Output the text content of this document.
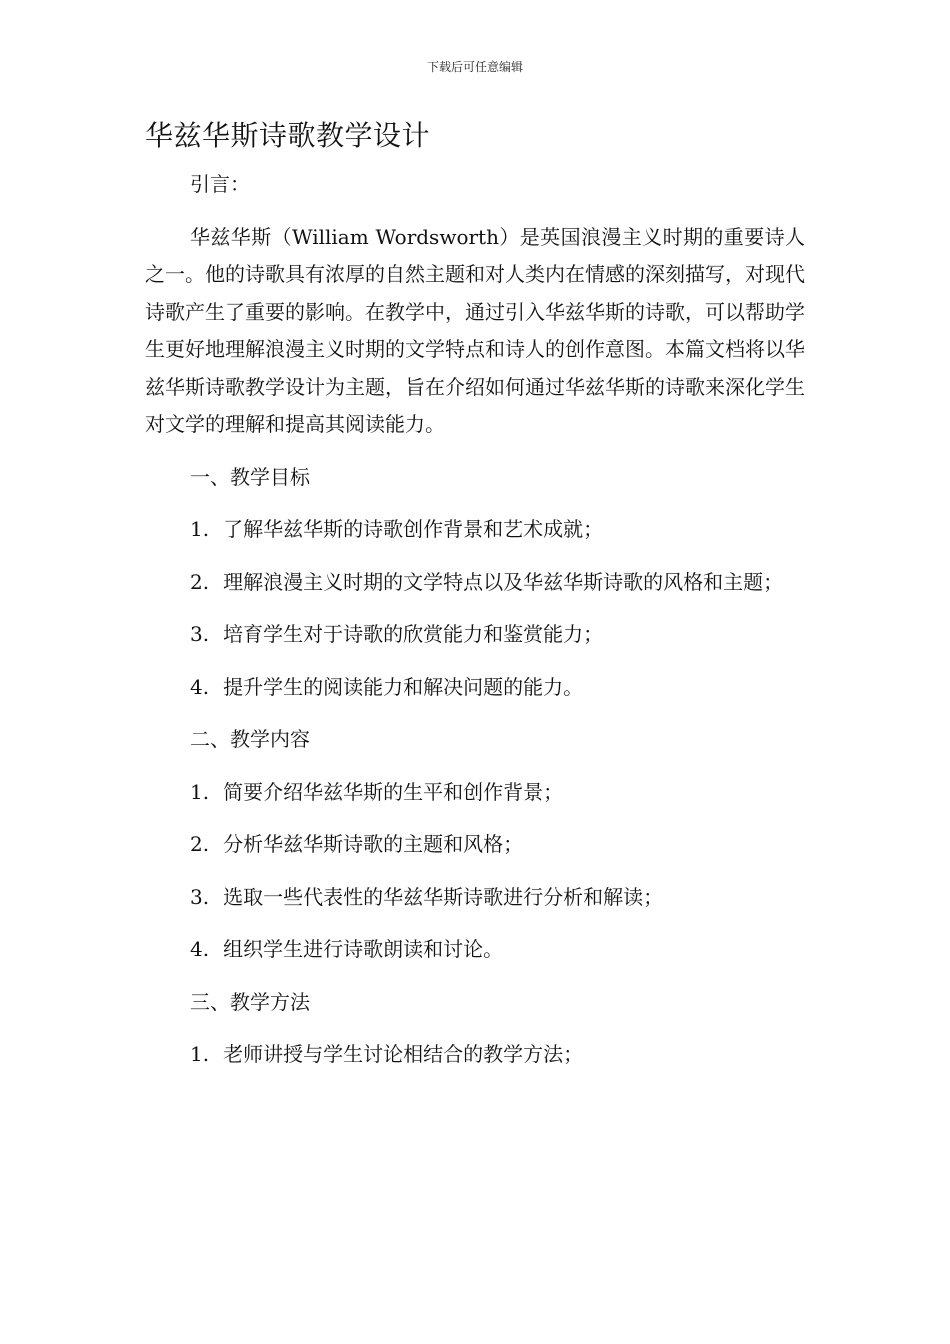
下载后可任意编辑
华兹华斯诗歌教学设计

引言：

华兹华斯（William Wordsworth）是英国浪漫主义时期的重要诗人之一。他的诗歌具有浓厚的自然主题和对人类内在情感的深刻描写，对现代诗歌产生了重要的影响。在教学中，通过引入华兹华斯的诗歌，可以帮助学生更好地理解浪漫主义时期的文学特点和诗人的创作意图。本篇文档将以华兹华斯诗歌教学设计为主题，旨在介绍如何通过华兹华斯的诗歌来深化学生对文学的理解和提高其阅读能力。

一、教学目标

1. 了解华兹华斯的诗歌创作背景和艺术成就；

2. 理解浪漫主义时期的文学特点以及华兹华斯诗歌的风格和主题；

3. 培育学生对于诗歌的欣赏能力和鉴赏能力；

4. 提升学生的阅读能力和解决问题的能力。

二、教学内容

1. 简要介绍华兹华斯的生平和创作背景；

2. 分析华兹华斯诗歌的主题和风格；

3. 选取一些代表性的华兹华斯诗歌进行分析和解读；

4. 组织学生进行诗歌朗读和讨论。

三、教学方法

1. 老师讲授与学生讨论相结合的教学方法；
